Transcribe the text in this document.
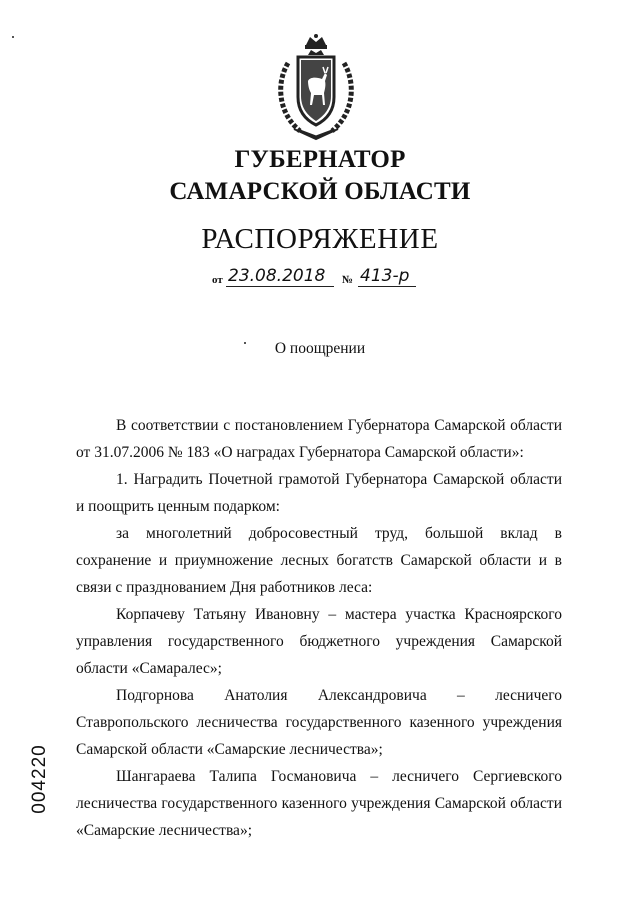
ГУБЕРНАТОР
САМАРСКОЙ ОБЛАСТИ
РАСПОРЯЖЕНИЕ
от 23.08.2018	№ 413-р
О поощрении

В соответствии с постановлением Губернатора Самарской области от 31.07.2006 № 183 «О наградах Губернатора Самарской области»:

1. Наградить Почетной грамотой Губернатора Самарской области и поощрить ценным подарком:

за многолетний добросовестный труд, большой вклад в сохранение и приумножение лесных богатств Самарской области и в связи с празднованием Дня работников леса:

Корпачеву Татьяну Ивановну – мастера участка Красноярского управления государственного бюджетного учреждения Самарской области «Самаралес»;

Подгорнова Анатолия Александровича – лесничего Ставропольского лесничества государственного казенного учреждения Самарской области «Самарские лесничества»;

Шангараева Талипа Госмановича – лесничего Сергиевского лесничества государственного казенного учреждения Самарской области «Самарские лесничества»;

004220
